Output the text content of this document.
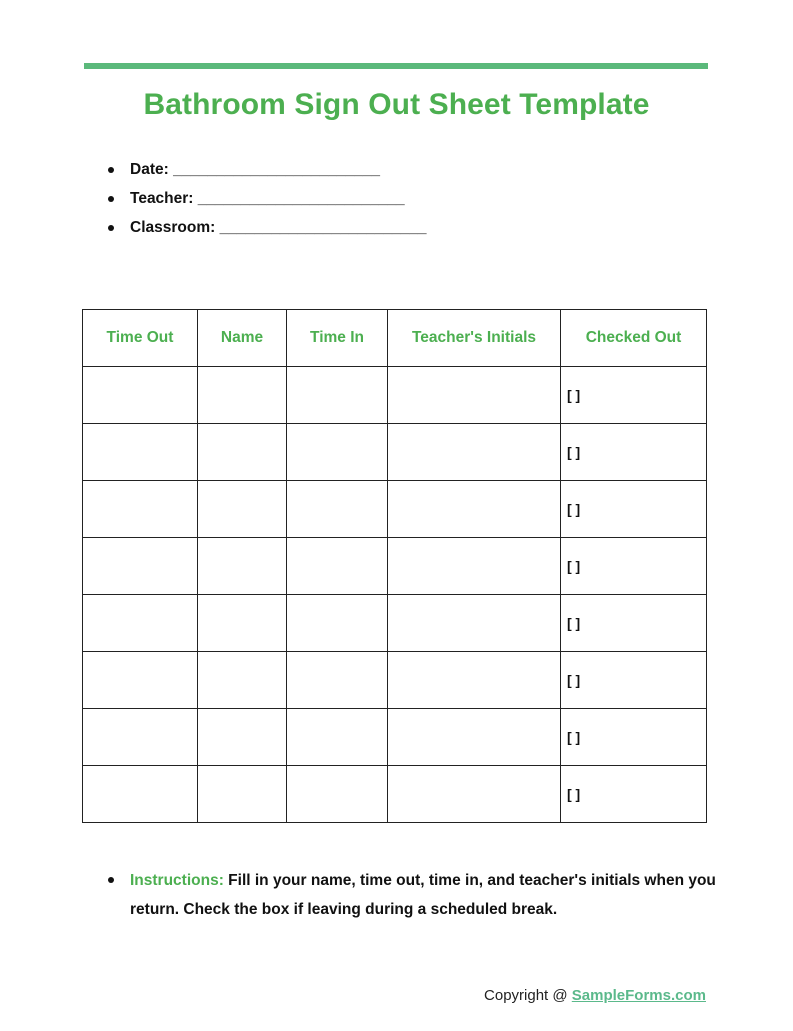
Bathroom Sign Out Sheet Template
Date: ________________________
Teacher: ________________________
Classroom: ________________________
Time Out	Name	Time In	Teacher's Initials	Checked Out
				[ ]
				[ ]
				[ ]
				[ ]
				[ ]
				[ ]
				[ ]
				[ ]
Instructions: Fill in your name, time out, time in, and teacher's initials when you return. Check the box if leaving during a scheduled break.
Copyright @ SampleForms.com
